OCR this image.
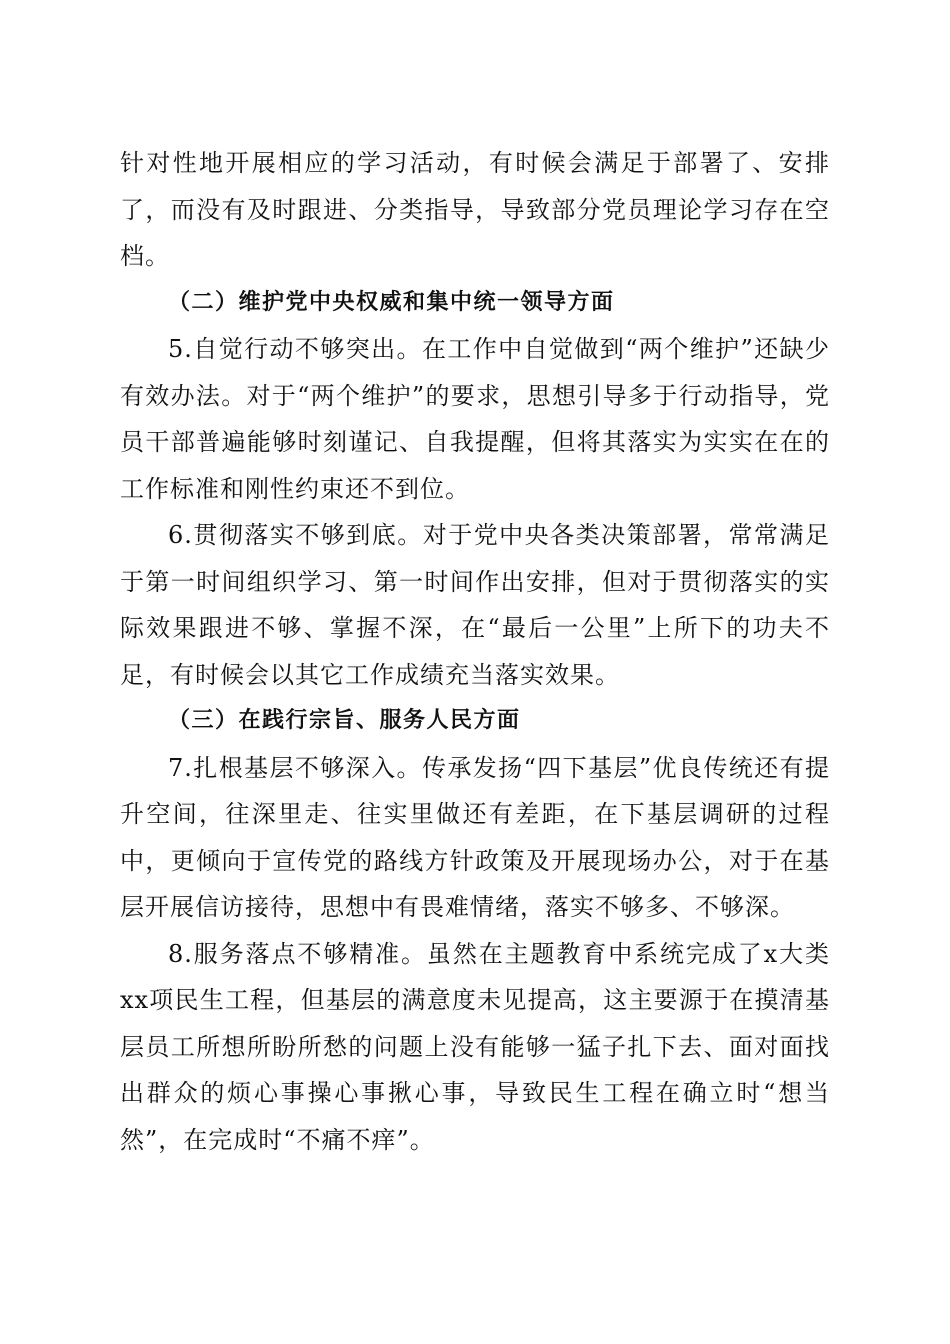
针对性地开展相应的学习活动，有时候会满足于部署了、安排了，而没有及时跟进、分类指导，导致部分党员理论学习存在空档。

（二）维护党中央权威和集中统一领导方面

5.自觉行动不够突出。在工作中自觉做到“两个维护”还缺少有效办法。对于“两个维护”的要求，思想引导多于行动指导，党员干部普遍能够时刻谨记、自我提醒，但将其落实为实实在在的工作标准和刚性约束还不到位。

6.贯彻落实不够到底。对于党中央各类决策部署，常常满足于第一时间组织学习、第一时间作出安排，但对于贯彻落实的实际效果跟进不够、掌握不深，在“最后一公里”上所下的功夫不足，有时候会以其它工作成绩充当落实效果。

（三）在践行宗旨、服务人民方面

7.扎根基层不够深入。传承发扬“四下基层”优良传统还有提升空间，往深里走、往实里做还有差距，在下基层调研的过程中，更倾向于宣传党的路线方针政策及开展现场办公，对于在基层开展信访接待，思想中有畏难情绪，落实不够多、不够深。

8.服务落点不够精准。虽然在主题教育中系统完成了x大类xx项民生工程，但基层的满意度未见提高，这主要源于在摸清基层员工所想所盼所愁的问题上没有能够一猛子扎下去、面对面找出群众的烦心事操心事揪心事，导致民生工程在确立时“想当然”，在完成时“不痛不痒”。
